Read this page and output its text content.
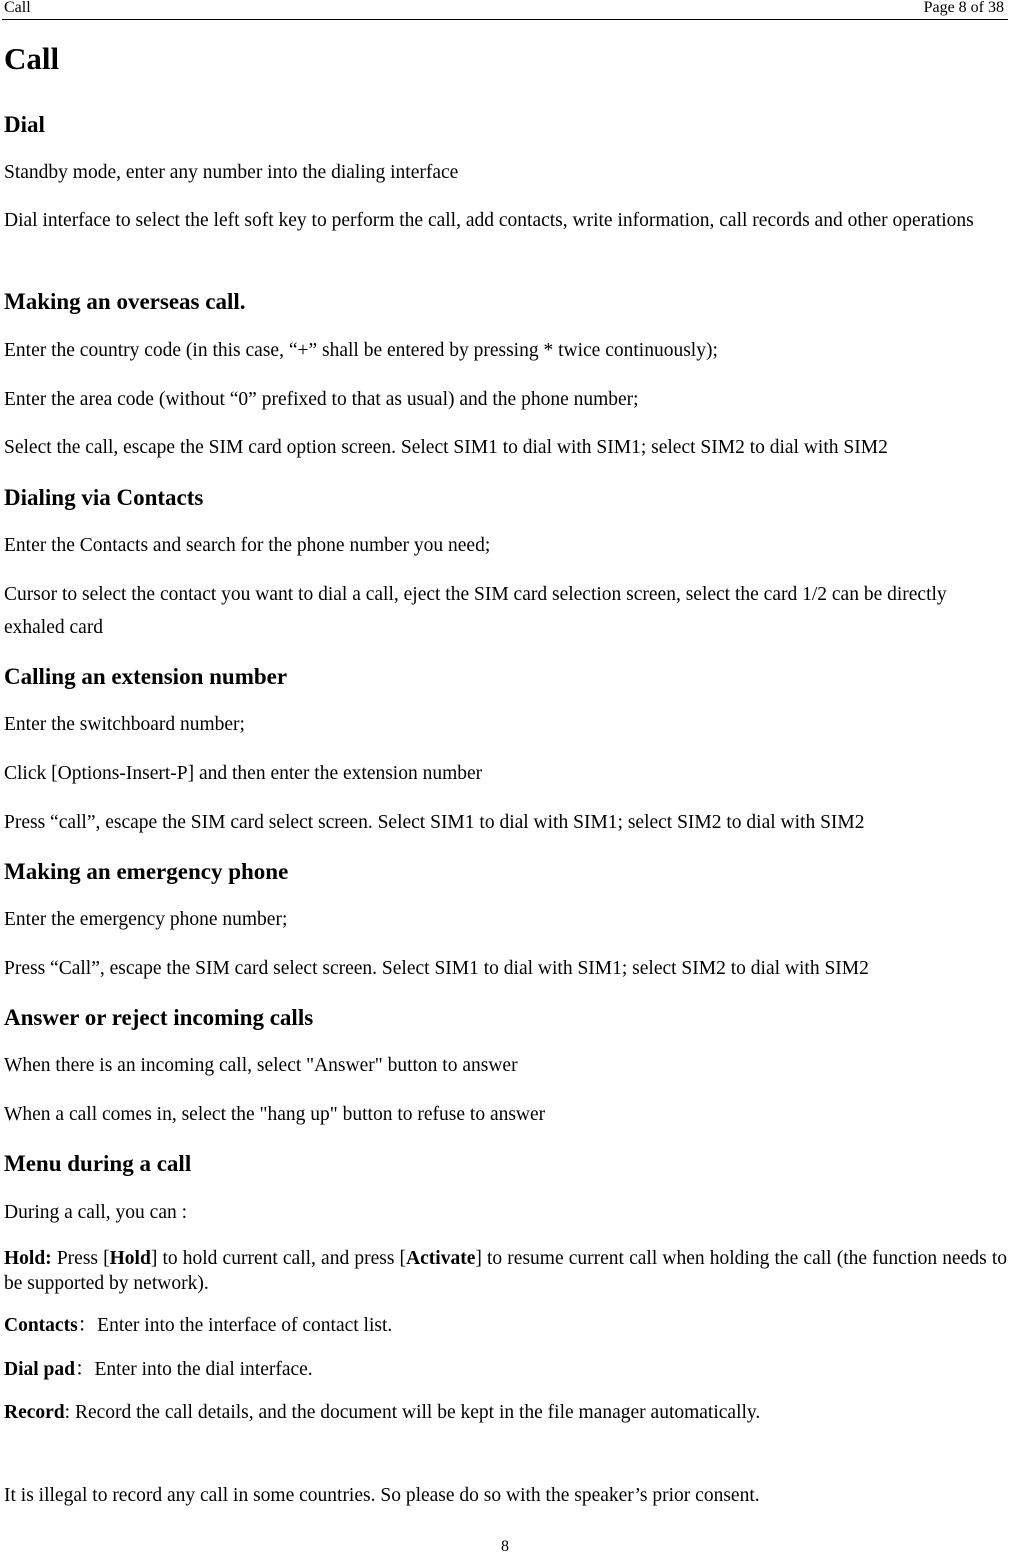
Call	Page 8 of 38
Call
Dial
Standby mode, enter any number into the dialing interface
Dial interface to select the left soft key to perform the call, add contacts, write information, call records and other operations
Making an overseas call.
Enter the country code (in this case, “+” shall be entered by pressing * twice continuously);
Enter the area code (without “0” prefixed to that as usual) and the phone number;
Select the call, escape the SIM card option screen. Select SIM1 to dial with SIM1; select SIM2 to dial with SIM2
Dialing via Contacts
Enter the Contacts and search for the phone number you need;
Cursor to select the contact you want to dial a call, eject the SIM card selection screen, select the card 1/2 can be directly exhaled card
Calling an extension number
Enter the switchboard number;
Click [Options-Insert-P] and then enter the extension number
Press “call”, escape the SIM card select screen. Select SIM1 to dial with SIM1; select SIM2 to dial with SIM2
Making an emergency phone
Enter the emergency phone number;
Press “Call”, escape the SIM card select screen. Select SIM1 to dial with SIM1; select SIM2 to dial with SIM2
Answer or reject incoming calls
When there is an incoming call, select "Answer" button to answer
When a call comes in, select the "hang up" button to refuse to answer
Menu during a call
During a call, you can :
Hold: Press [Hold] to hold current call, and press [Activate] to resume current call when holding the call (the function needs to be supported by network).
Contacts：Enter into the interface of contact list.
Dial pad：Enter into the dial interface.
Record: Record the call details, and the document will be kept in the file manager automatically.
It is illegal to record any call in some countries. So please do so with the speaker’s prior consent.
8
